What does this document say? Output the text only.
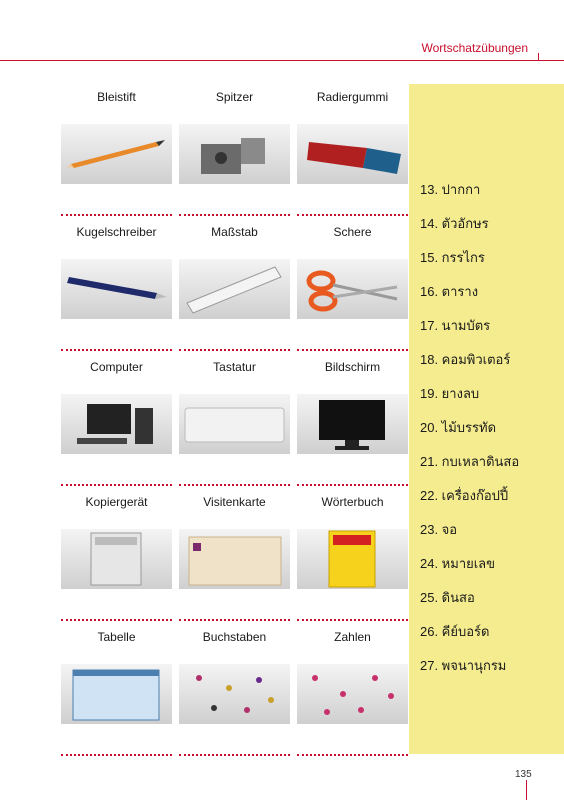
Wortschatzübungen
Bleistift	Spitzer	Radiergummi
Kugelschreiber	Maßstab	Schere
Computer	Tastatur	Bildschirm
Kopiergerät	Visitenkarte	Wörterbuch
Tabelle	Buchstaben	Zahlen
13. ปากกา
14. ตัวอักษร
15. กรรไกร
16. ตาราง
17. นามบัตร
18. คอมพิวเตอร์
19. ยางลบ
20. ไม้บรรทัด
21. กบเหลาดินสอ
22. เครื่องก๊อปปี้
23. จอ
24. หมายเลข
25. ดินสอ
26. คีย์บอร์ด
27. พจนานุกรม
135
